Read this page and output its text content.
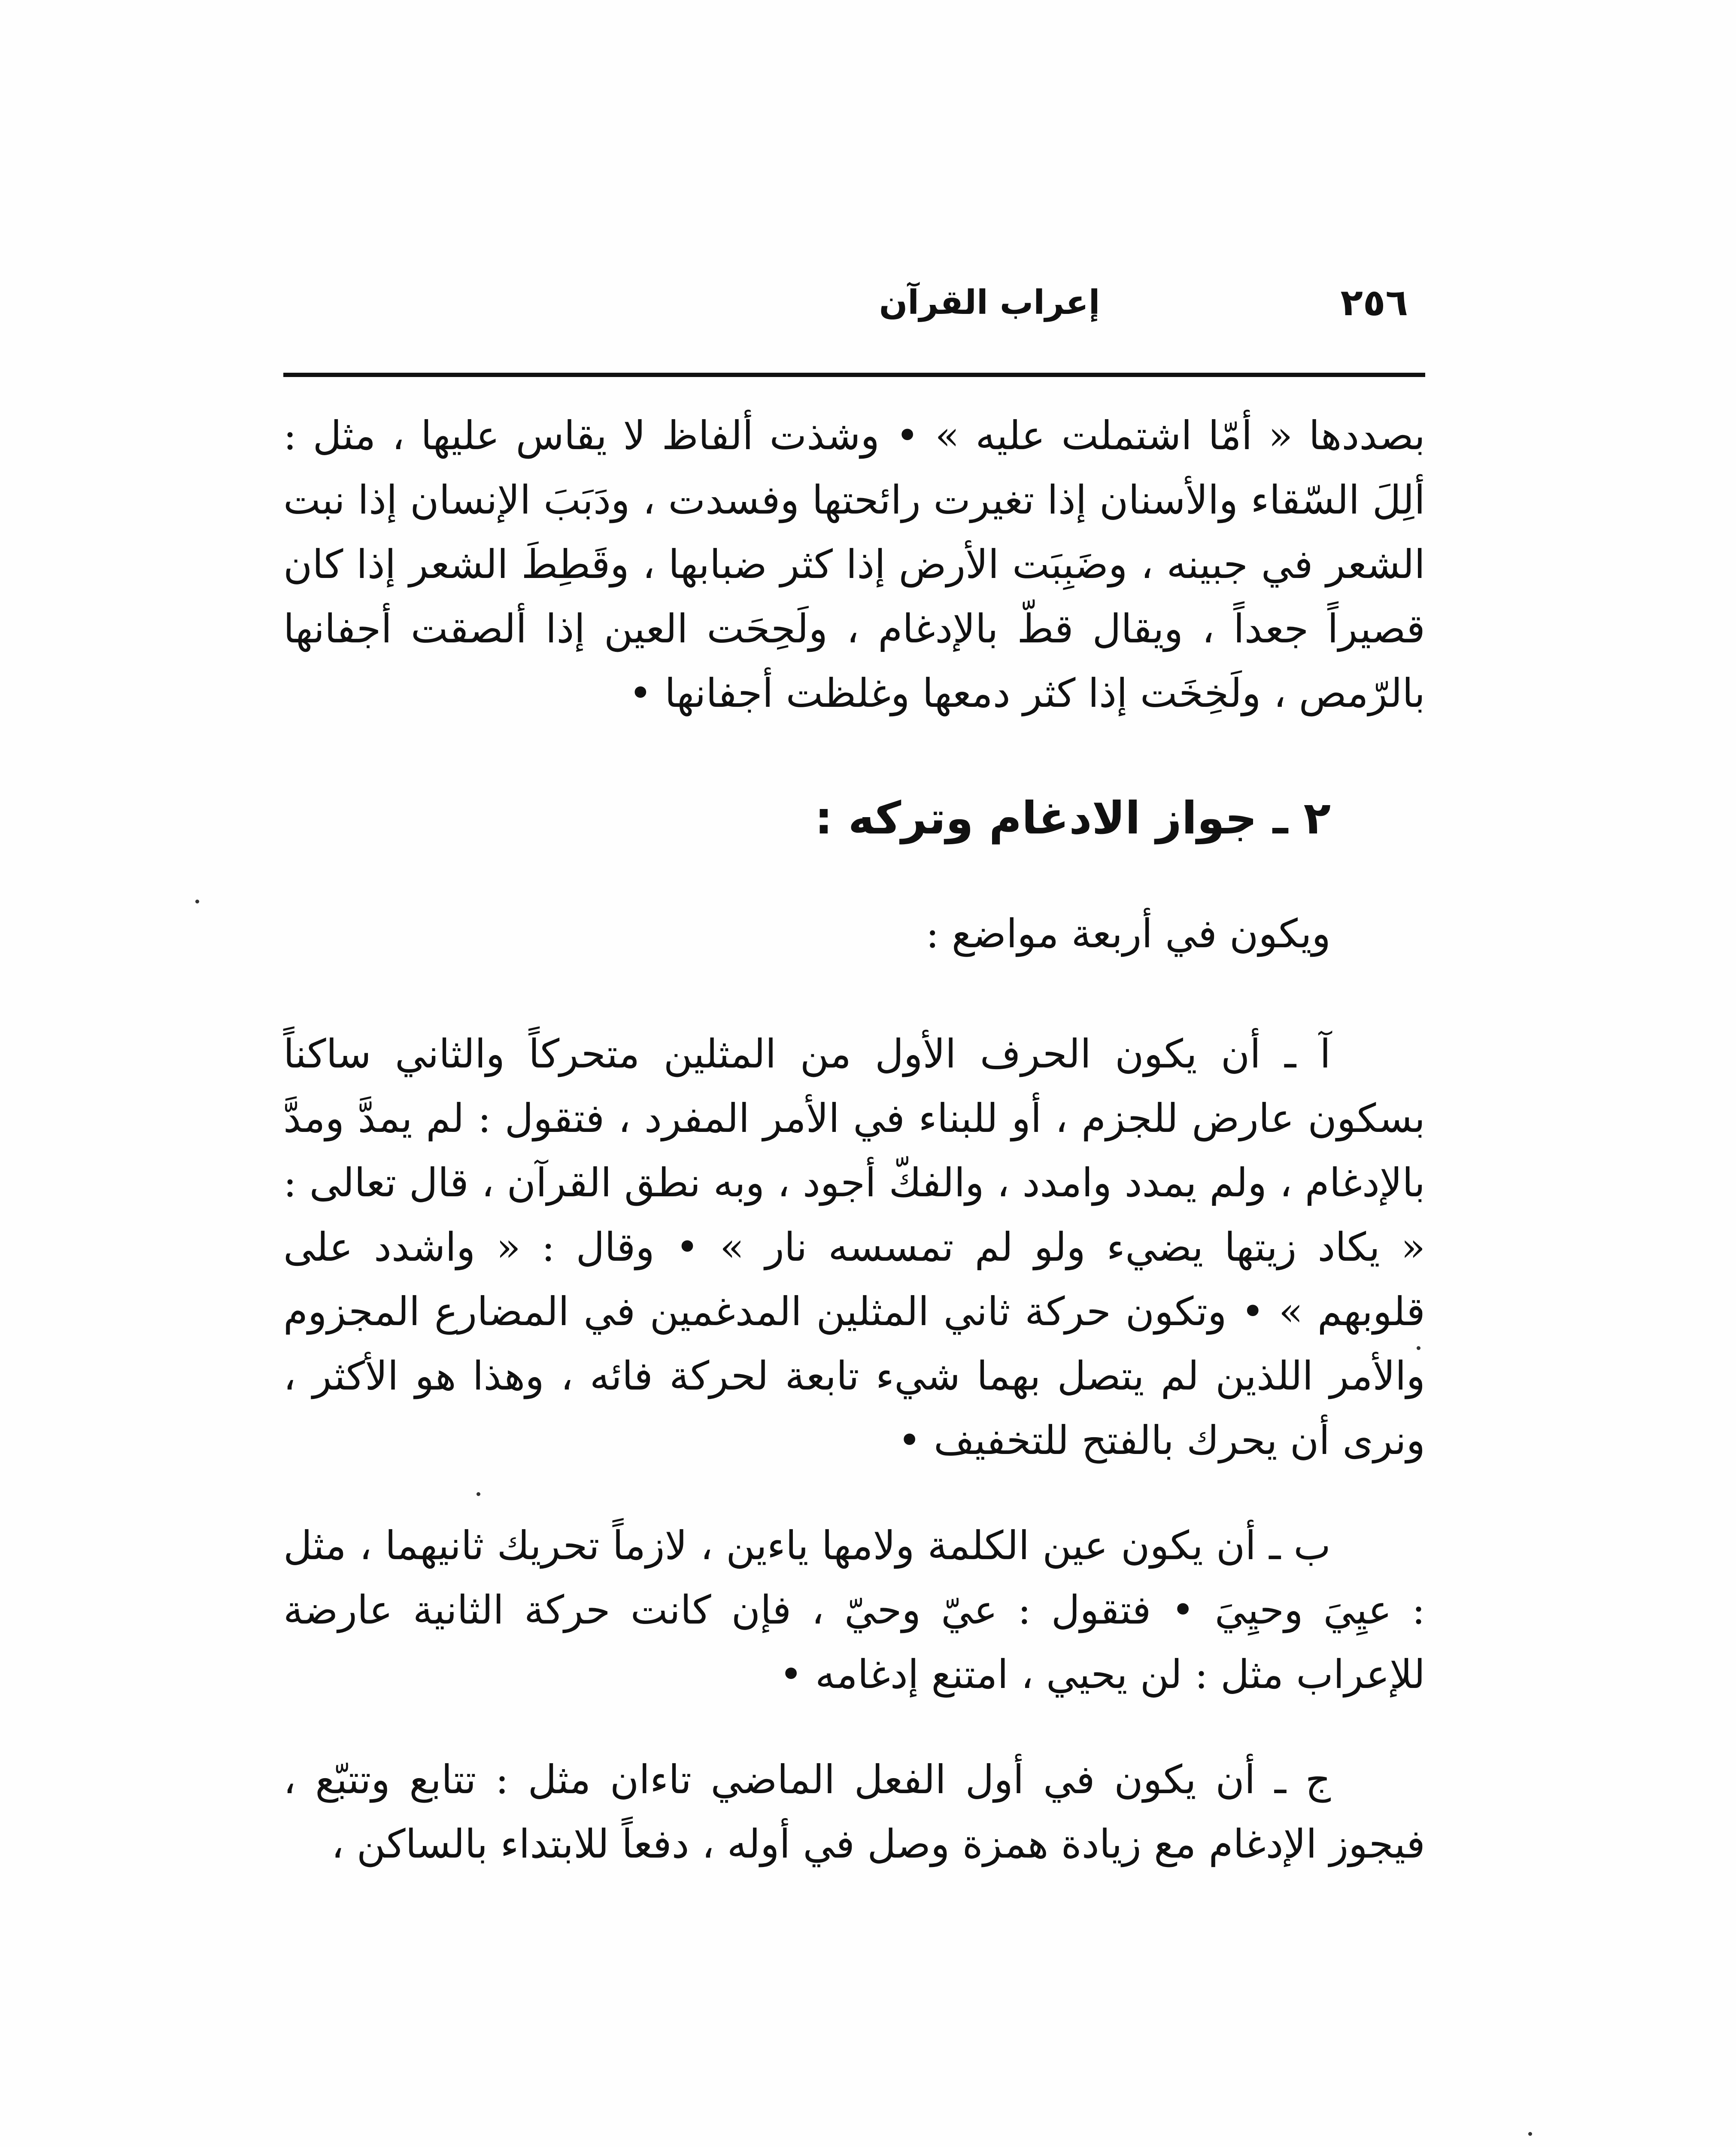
٢٥٦
إعراب القرآن

بصددها « أمّا اشتملت عليه » • وشذت ألفاظ لا يقاس عليها ، مثل : ألِلَ السّقاء والأسنان إذا تغيرت رائحتها وفسدت ، ودَبَبَ الإنسان إذا نبت الشعر في جبينه ، وضَبِبَت الأرض إذا كثر ضبابها ، وقَطِطَ الشعر إذا كان قصيراً جعداً ، ويقال قطّ بالإدغام ، ولَحِحَت العين إذا ألصقت أجفانها بالرّمص ، ولَخِخَت إذا كثر دمعها وغلظت أجفانها •

٢ ـ جواز الادغام وتركه :

ويكون في أربعة مواضع :

آ ـ أن يكون الحرف الأول من المثلين متحركاً والثاني ساكناً بسكون عارض للجزم ، أو للبناء في الأمر المفرد ، فتقول : لم يمدَّ ومدَّ بالإدغام ، ولم يمدد وامدد ، والفكّ أجود ، وبه نطق القرآن ، قال تعالى : « يكاد زيتها يضيء ولو لم تمسسه نار » • وقال : « واشدد على قلوبهم » • وتكون حركة ثاني المثلين المدغمين في المضارع المجزوم والأمر اللذين لم يتصل بهما شيء تابعة لحركة فائه ، وهذا هو الأكثر ، ونرى أن يحرك بالفتح للتخفيف •

ب ـ أن يكون عين الكلمة ولامها ياءين ، لازماً تحريك ثانيهما ، مثل : عيِيَ وحيِيَ • فتقول : عيّ وحيّ ، فإن كانت حركة الثانية عارضة للإعراب مثل : لن يحيي ، امتنع إدغامه •

ج ـ أن يكون في أول الفعل الماضي تاءان مثل : تتابع وتتبّع ، فيجوز الإدغام مع زيادة همزة وصل في أوله ، دفعاً للابتداء بالساكن ،
